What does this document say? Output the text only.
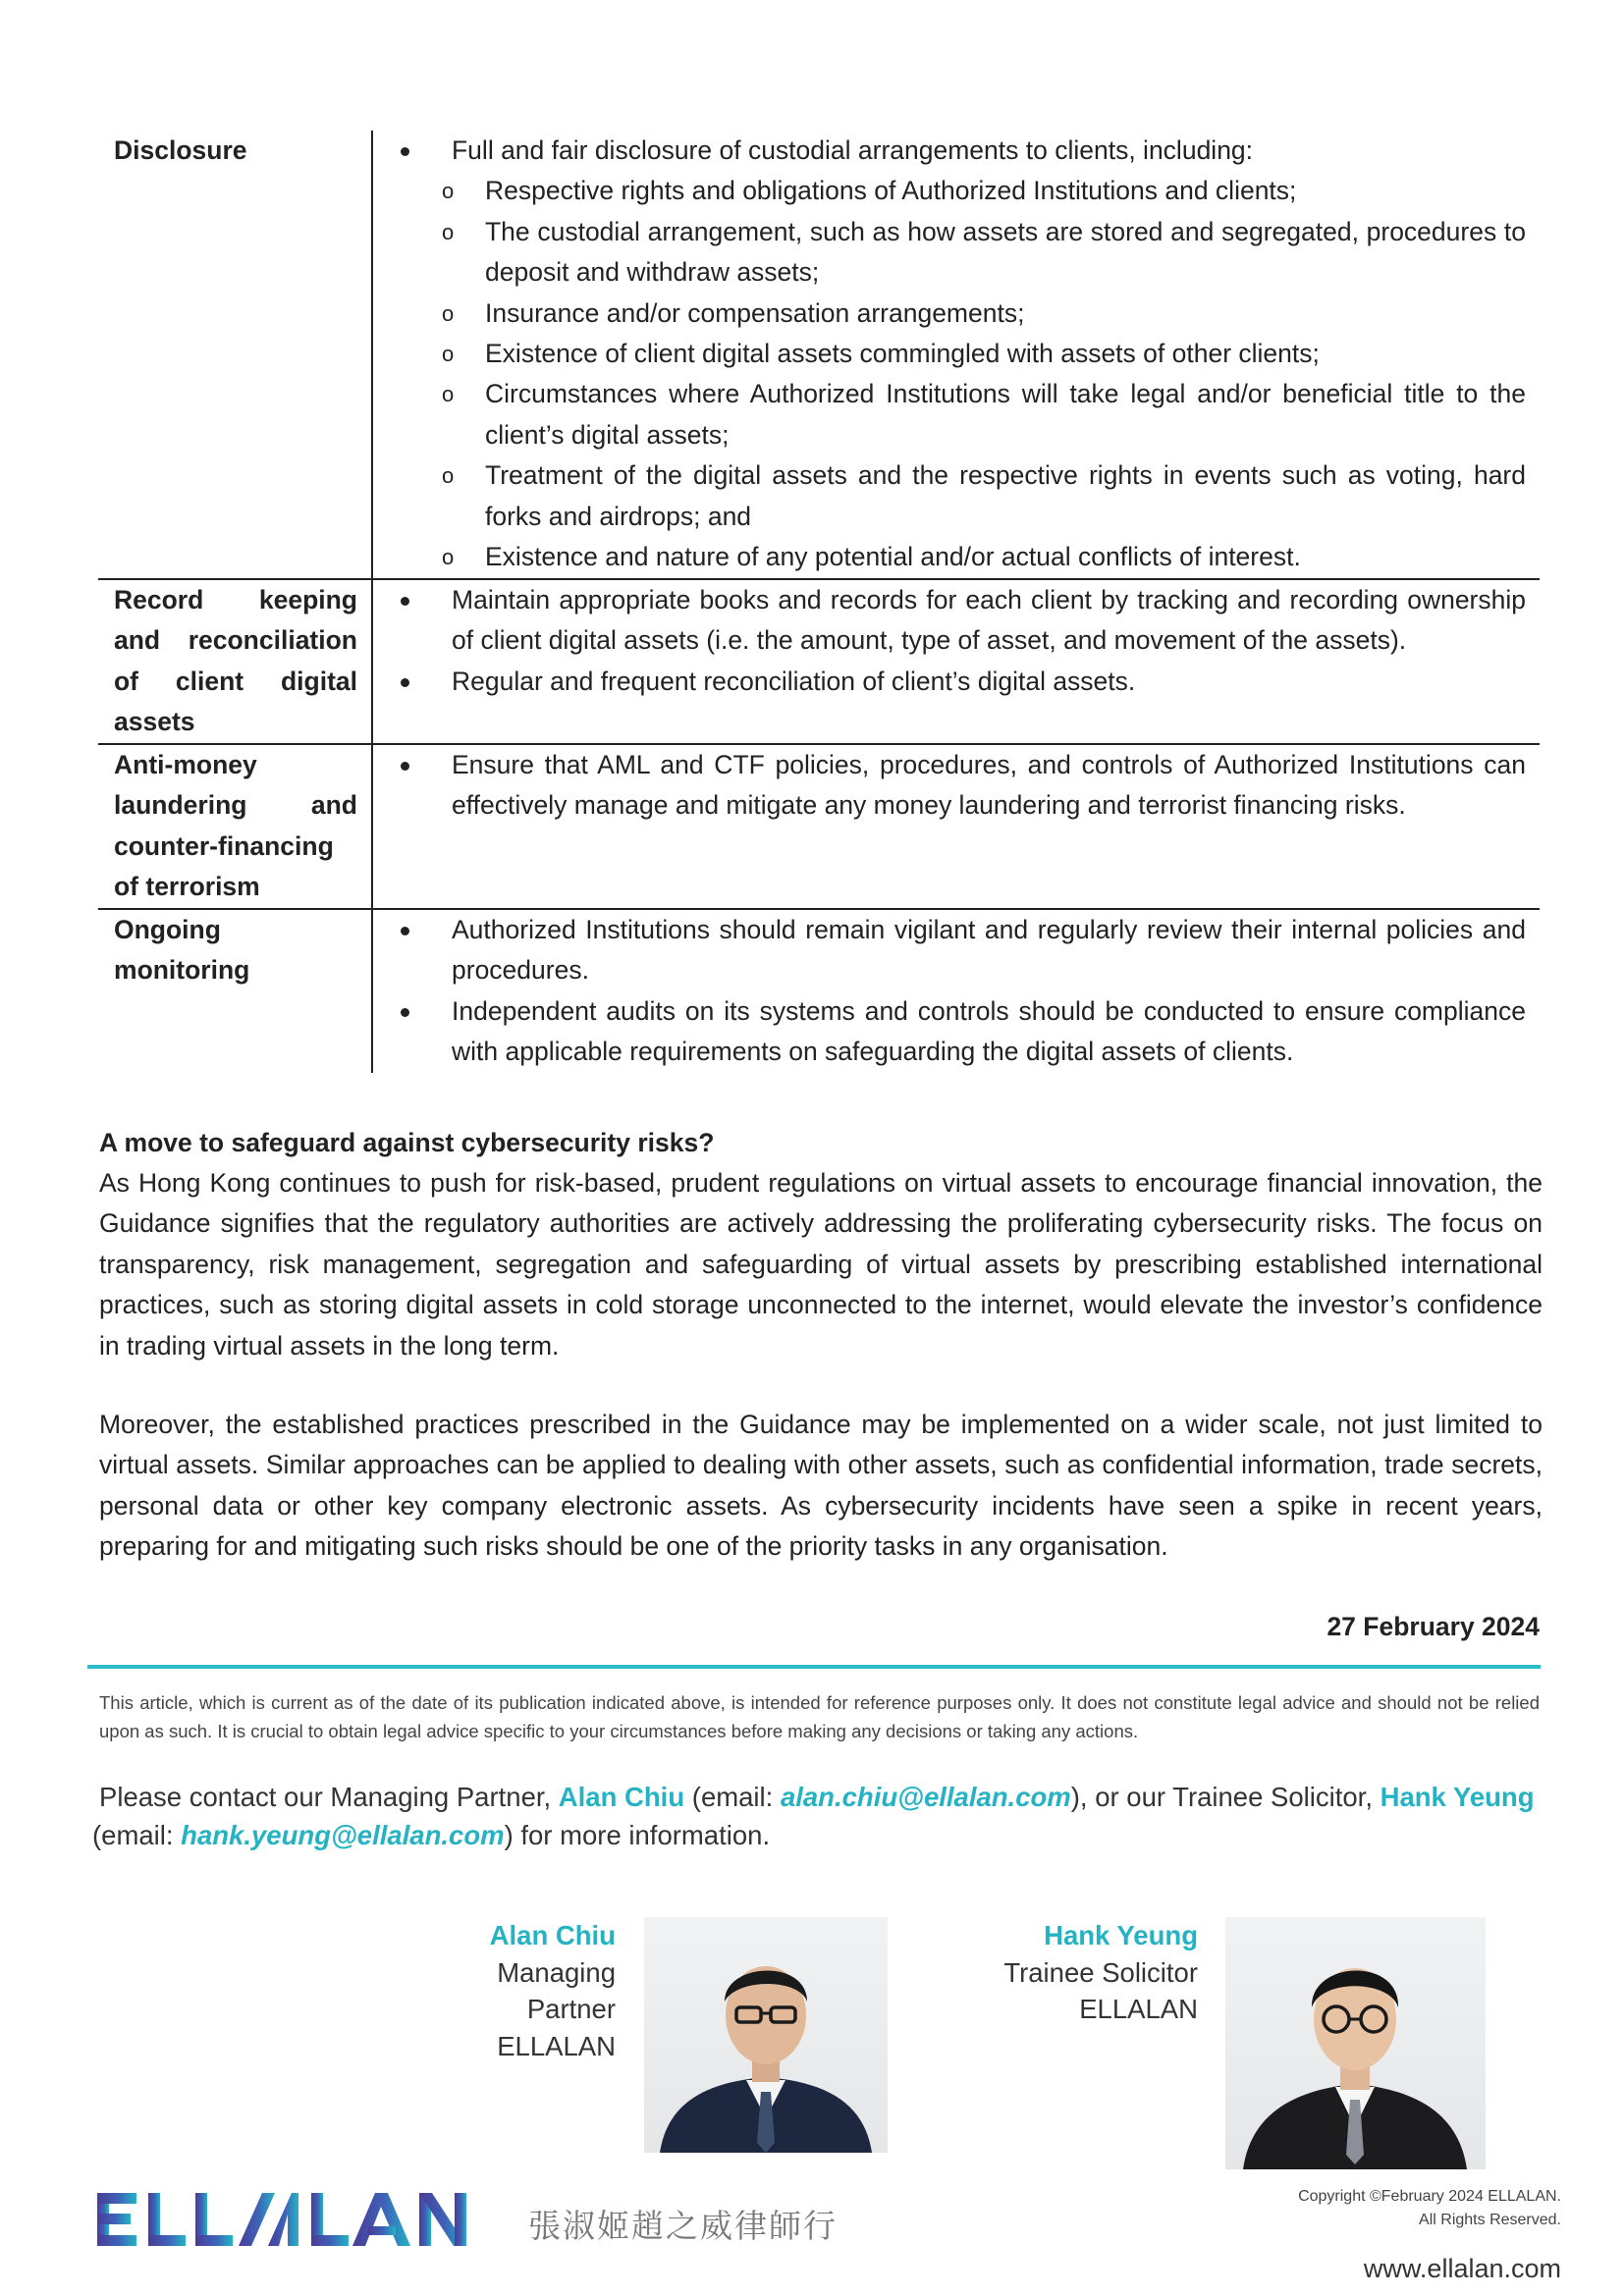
Disclosure	Full and fair disclosure of custodial arrangements to clients, including:
o Respective rights and obligations of Authorized Institutions and clients;
o The custodial arrangement, such as how assets are stored and segregated, procedures to deposit and withdraw assets;
o Insurance and/or compensation arrangements;
o Existence of client digital assets commingled with assets of other clients;
o Circumstances where Authorized Institutions will take legal and/or beneficial title to the client’s digital assets;
o Treatment of the digital assets and the respective rights in events such as voting, hard forks and airdrops; and
o Existence and nature of any potential and/or actual conflicts of interest.
Record keeping and reconciliation of client digital assets
Maintain appropriate books and records for each client by tracking and recording ownership of client digital assets (i.e. the amount, type of asset, and movement of the assets).
Regular and frequent reconciliation of client’s digital assets.
Anti-money laundering and counter-financing of terrorism
Ensure that AML and CTF policies, procedures, and controls of Authorized Institutions can effectively manage and mitigate any money laundering and terrorist financing risks.
Ongoing monitoring
Authorized Institutions should remain vigilant and regularly review their internal policies and procedures.
Independent audits on its systems and controls should be conducted to ensure compliance with applicable requirements on safeguarding the digital assets of clients.
A move to safeguard against cybersecurity risks?
As Hong Kong continues to push for risk-based, prudent regulations on virtual assets to encourage financial innovation, the Guidance signifies that the regulatory authorities are actively addressing the proliferating cybersecurity risks. The focus on transparency, risk management, segregation and safeguarding of virtual assets by prescribing established international practices, such as storing digital assets in cold storage unconnected to the internet, would elevate the investor’s confidence in trading virtual assets in the long term.
Moreover, the established practices prescribed in the Guidance may be implemented on a wider scale, not just limited to virtual assets. Similar approaches can be applied to dealing with other assets, such as confidential information, trade secrets, personal data or other key company electronic assets. As cybersecurity incidents have seen a spike in recent years, preparing for and mitigating such risks should be one of the priority tasks in any organisation.
27 February 2024
This article, which is current as of the date of its publication indicated above, is intended for reference purposes only. It does not constitute legal advice and should not be relied upon as such. It is crucial to obtain legal advice specific to your circumstances before making any decisions or taking any actions.
Please contact our Managing Partner, Alan Chiu (email: alan.chiu@ellalan.com), or our Trainee Solicitor, Hank Yeung
(email: hank.yeung@ellalan.com) for more information.
Alan Chiu
Managing
Partner
ELLALAN
Hank Yeung
Trainee Solicitor
ELLALAN
張淑姬趙之威律師行
Copyright ©February 2024 ELLALAN.
All Rights Reserved.
www.ellalan.com
